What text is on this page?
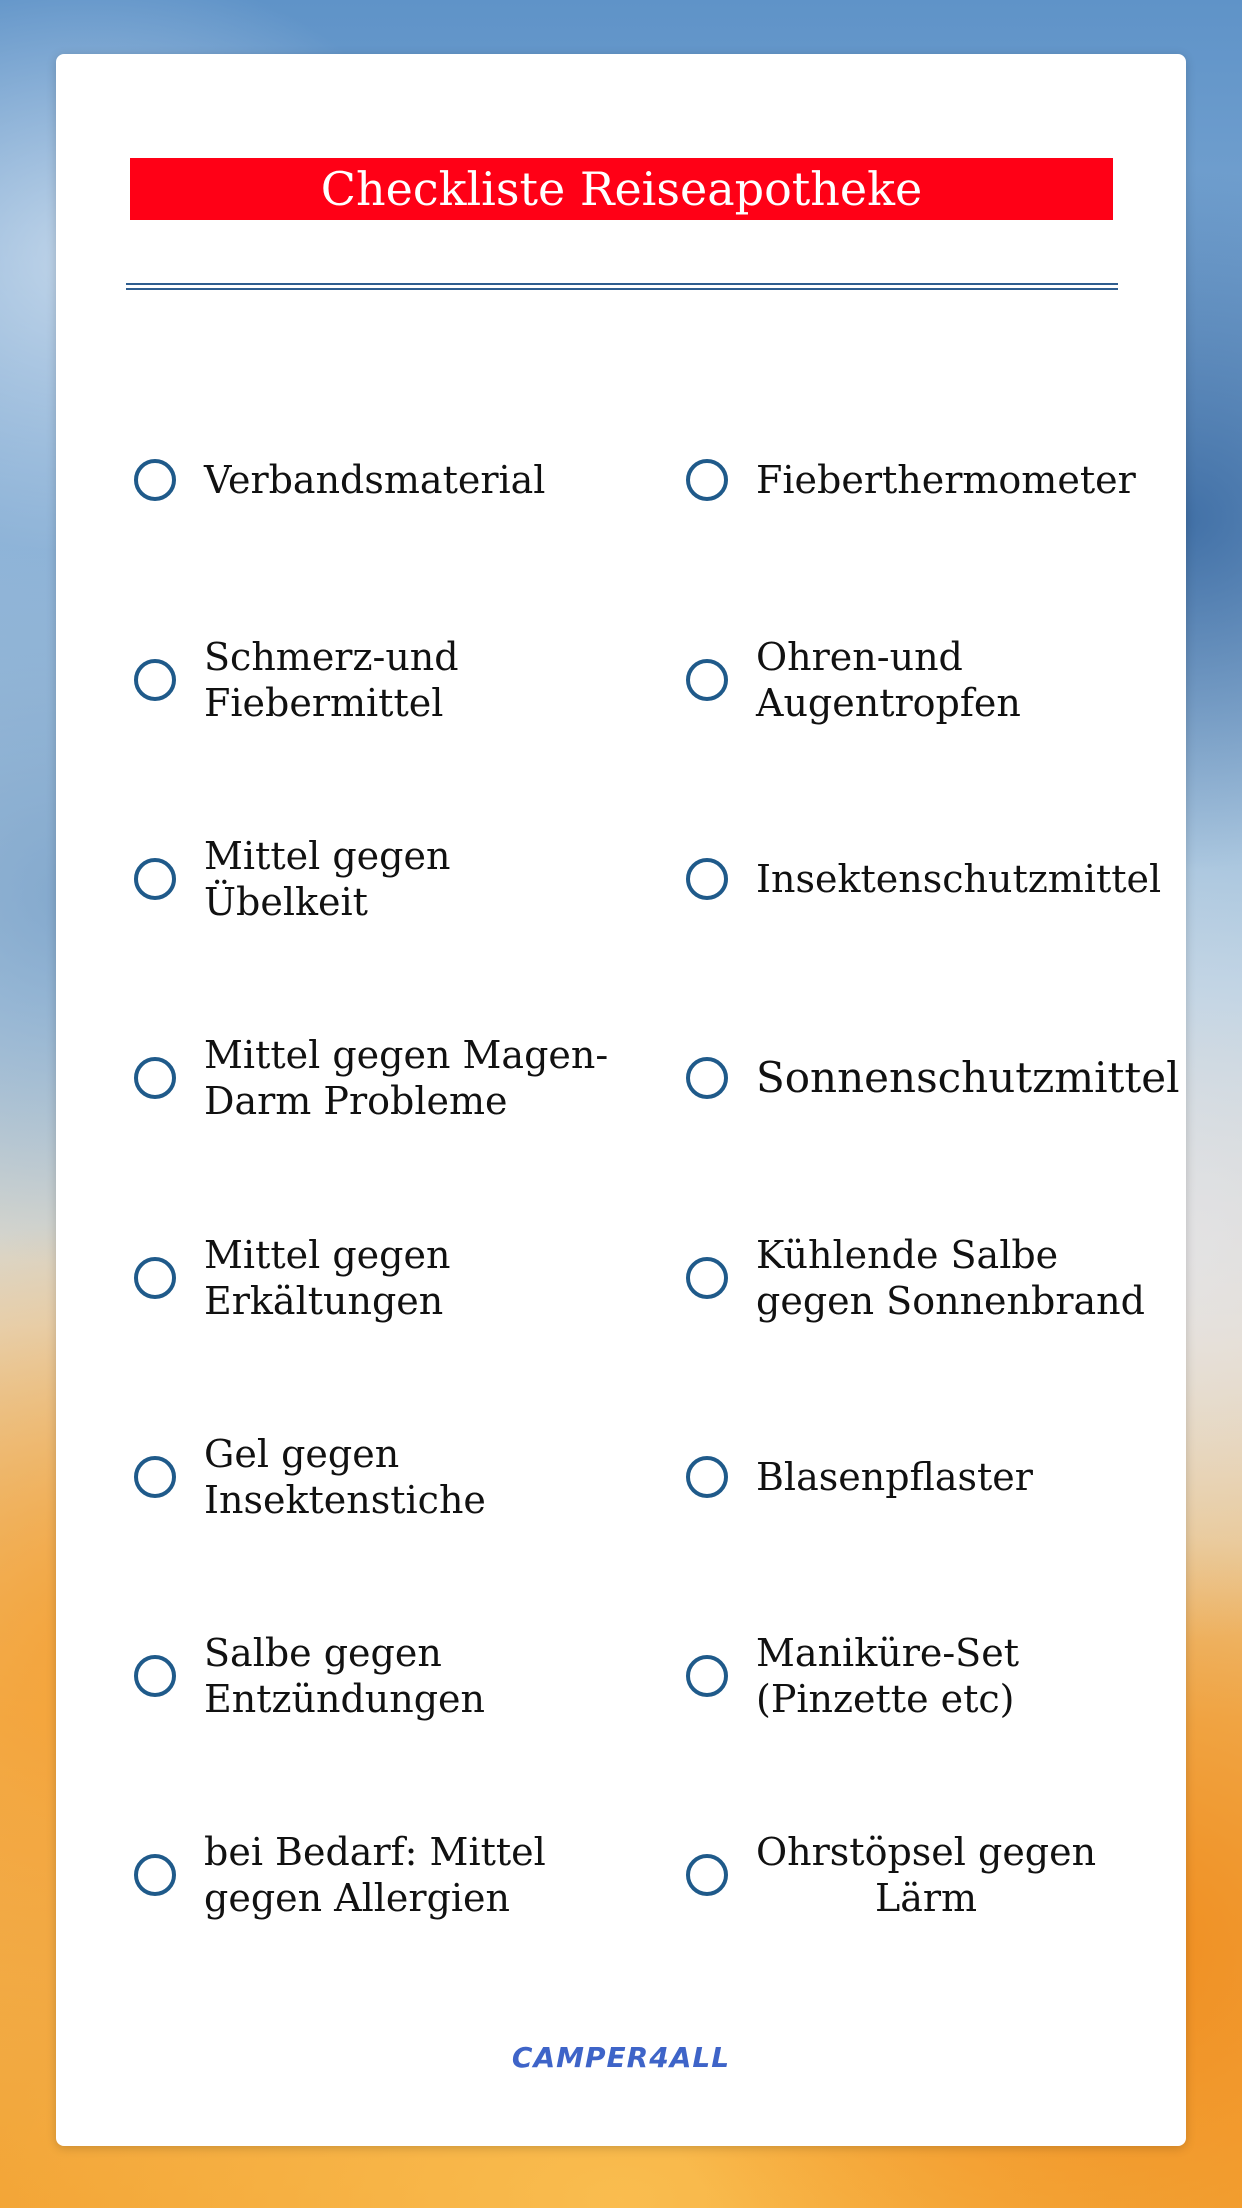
Checkliste Reiseapotheke
Verbandsmaterial
Schmerz-und
Fiebermittel
Mittel gegen
Übelkeit
Mittel gegen Magen-
Darm Probleme
Mittel gegen
Erkältungen
Gel gegen
Insektenstiche
Salbe gegen
Entzündungen
bei Bedarf: Mittel
gegen Allergien
Fieberthermometer
Ohren-und
Augentropfen
Insektenschutzmittel
Sonnenschutzmittel
Kühlende Salbe
gegen Sonnenbrand
Blasenpflaster
Maniküre-Set
(Pinzette etc)
Ohrstöpsel gegen
Lärm
CAMPER4ALL
